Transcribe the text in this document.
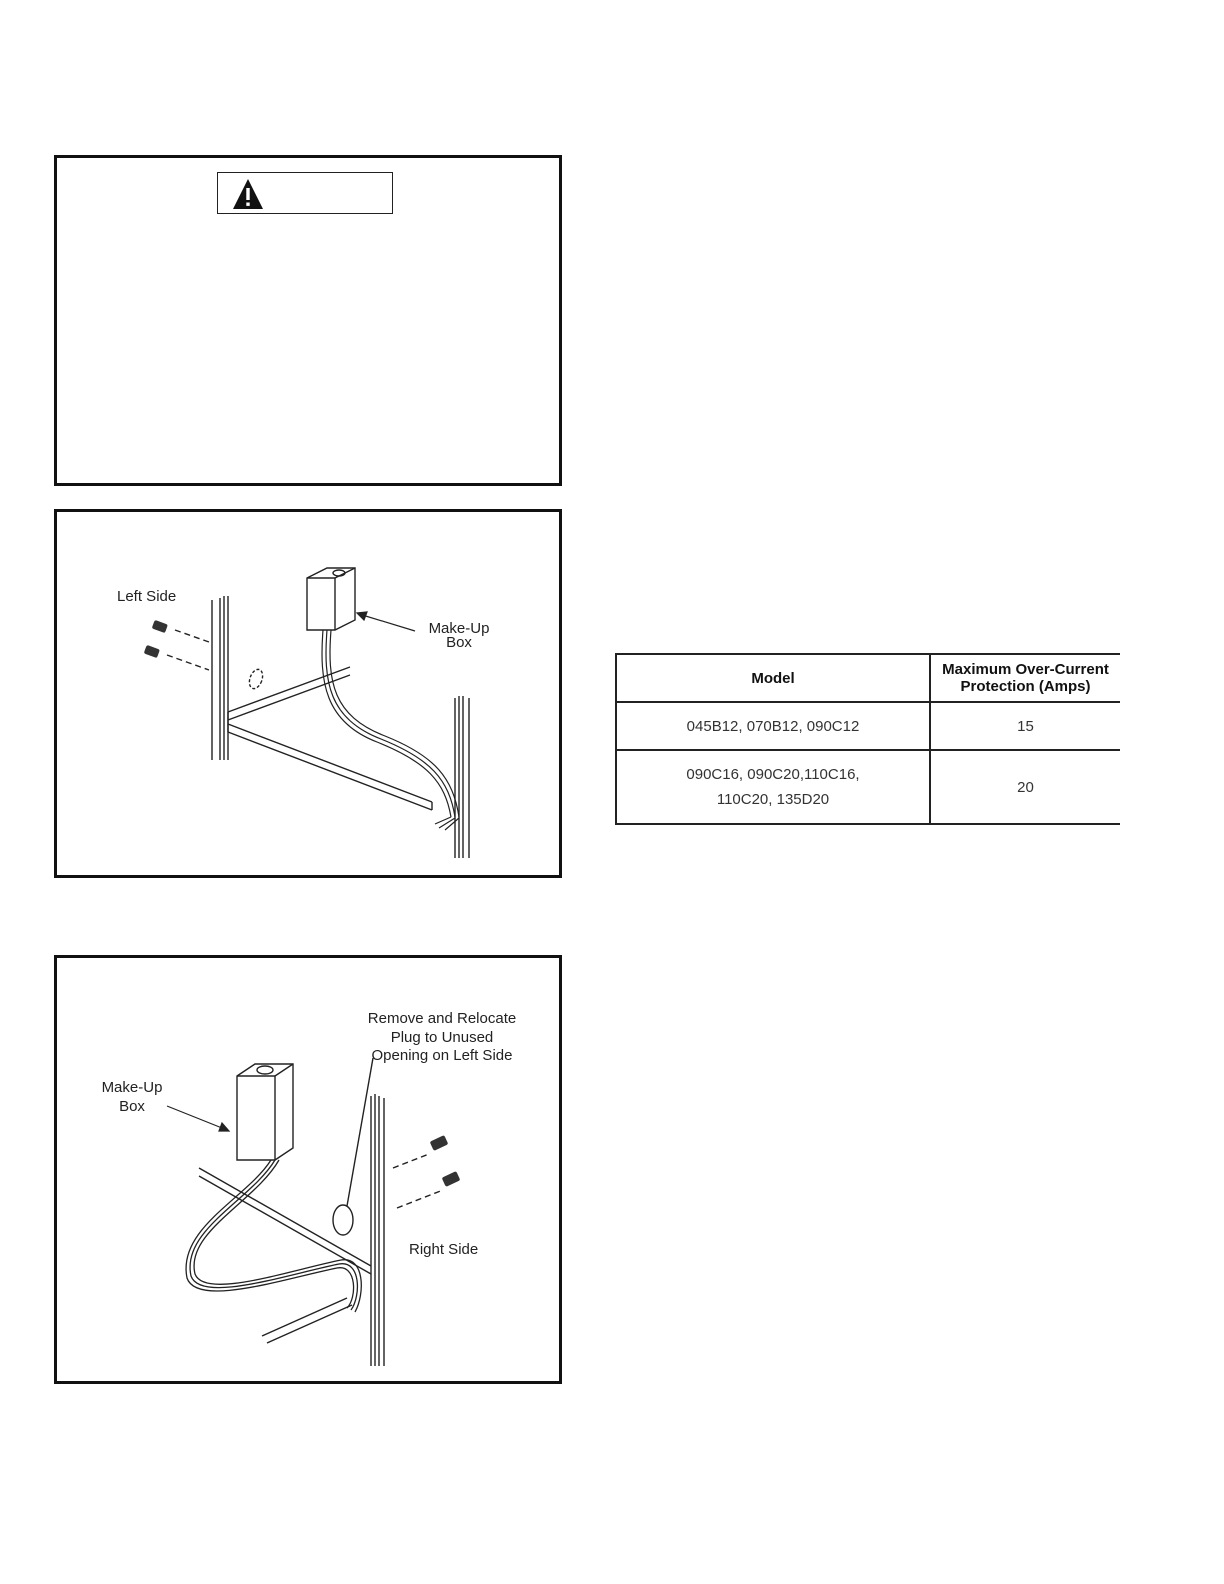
Left Side
Make-Up
Box
Make-Up
Box
Remove and Relocate
Plug to Unused
Opening on Left Side
Right Side
Model	Maximum Over-Current
Protection (Amps)

045B12, 070B12, 090C12	15

090C16, 090C20,110C16,
110C20, 135D20	20
